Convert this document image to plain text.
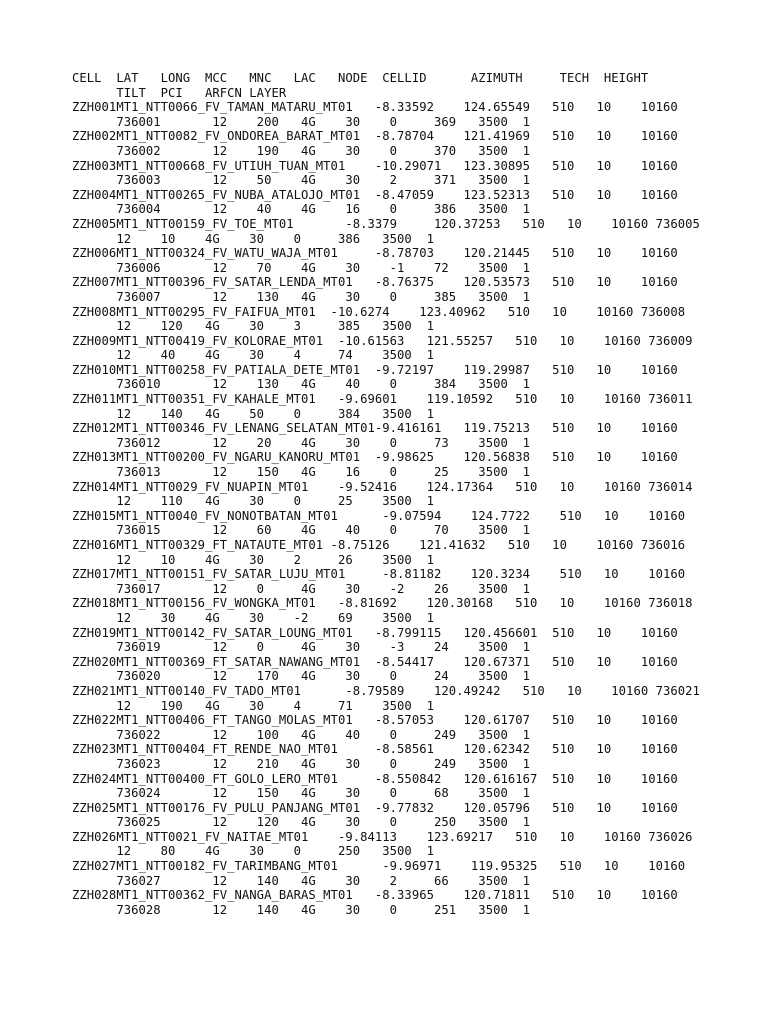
CELL  LAT   LONG  MCC   MNC   LAC   NODE  CELLID      AZIMUTH     TECH  HEIGHT
TILT  PCI   ARFCN LAYER
ZZH001MT1_NTT0066_FV_TAMAN_MATARU_MT01   -8.33592    124.65549   510   10    10160
736001       12    200   4G    30    0     369   3500  1
ZZH002MT1_NTT0082_FV_ONDOREA_BARAT_MT01  -8.78704    121.41969   510   10    10160
736002       12    190   4G    30    0     370   3500  1
ZZH003MT1_NTT00668_FV_UTIUH_TUAN_MT01    -10.29071   123.30895   510   10    10160
736003       12    50    4G    30    2     371   3500  1
ZZH004MT1_NTT00265_FV_NUBA_ATALOJO_MT01  -8.47059    123.52313   510   10    10160
736004       12    40    4G    16    0     386   3500  1
ZZH005MT1_NTT00159_FV_TOE_MT01       -8.3379     120.37253   510   10    10160 736005
12    10    4G    30    0     386   3500  1
ZZH006MT1_NTT00324_FV_WATU_WAJA_MT01     -8.78703    120.21445   510   10    10160
736006       12    70    4G    30    -1    72    3500  1
ZZH007MT1_NTT00396_FV_SATAR_LENDA_MT01   -8.76375    120.53573   510   10    10160
736007       12    130   4G    30    0     385   3500  1
ZZH008MT1_NTT00295_FV_FAIFUA_MT01  -10.6274    123.40962   510   10    10160 736008
12    120   4G    30    3     385   3500  1
ZZH009MT1_NTT00419_FV_KOLORAE_MT01  -10.61563   121.55257   510   10    10160 736009
12    40    4G    30    4     74    3500  1
ZZH010MT1_NTT00258_FV_PATIALA_DETE_MT01  -9.72197    119.29987   510   10    10160
736010       12    130   4G    40    0     384   3500  1
ZZH011MT1_NTT00351_FV_KAHALE_MT01   -9.69601    119.10592   510   10    10160 736011
12    140   4G    50    0     384   3500  1
ZZH012MT1_NTT00346_FV_LENANG_SELATAN_MT01-9.416161   119.75213   510   10    10160
736012       12    20    4G    30    0     73    3500  1
ZZH013MT1_NTT00200_FV_NGARU_KANORU_MT01  -9.98625    120.56838   510   10    10160
736013       12    150   4G    16    0     25    3500  1
ZZH014MT1_NTT0029_FV_NUAPIN_MT01    -9.52416    124.17364   510   10    10160 736014
12    110   4G    30    0     25    3500  1
ZZH015MT1_NTT0040_FV_NONOTBATAN_MT01      -9.07594    124.7722    510   10    10160
736015       12    60    4G    40    0     70    3500  1
ZZH016MT1_NTT00329_FT_NATAUTE_MT01 -8.75126    121.41632   510   10    10160 736016
12    10    4G    30    2     26    3500  1
ZZH017MT1_NTT00151_FV_SATAR_LUJU_MT01     -8.81182    120.3234    510   10    10160
736017       12    0     4G    30    -2    26    3500  1
ZZH018MT1_NTT00156_FV_WONGKA_MT01   -8.81692    120.30168   510   10    10160 736018
12    30    4G    30    -2    69    3500  1
ZZH019MT1_NTT00142_FV_SATAR_LOUNG_MT01   -8.799115   120.456601  510   10    10160
736019       12    0     4G    30    -3    24    3500  1
ZZH020MT1_NTT00369_FT_SATAR_NAWANG_MT01  -8.54417    120.67371   510   10    10160
736020       12    170   4G    30    0     24    3500  1
ZZH021MT1_NTT00140_FV_TADO_MT01      -8.79589    120.49242   510   10    10160 736021
12    190   4G    30    4     71    3500  1
ZZH022MT1_NTT00406_FT_TANGO_MOLAS_MT01   -8.57053    120.61707   510   10    10160
736022       12    100   4G    40    0     249   3500  1
ZZH023MT1_NTT00404_FT_RENDE_NAO_MT01     -8.58561    120.62342   510   10    10160
736023       12    210   4G    30    0     249   3500  1
ZZH024MT1_NTT00400_FT_GOLO_LERO_MT01     -8.550842   120.616167  510   10    10160
736024       12    150   4G    30    0     68    3500  1
ZZH025MT1_NTT00176_FV_PULU_PANJANG_MT01  -9.77832    120.05796   510   10    10160
736025       12    120   4G    30    0     250   3500  1
ZZH026MT1_NTT0021_FV_NAITAE_MT01    -9.84113    123.69217   510   10    10160 736026
12    80    4G    30    0     250   3500  1
ZZH027MT1_NTT00182_FV_TARIMBANG_MT01      -9.96971    119.95325   510   10    10160
736027       12    140   4G    30    2     66    3500  1
ZZH028MT1_NTT00362_FV_NANGA_BARAS_MT01   -8.33965    120.71811   510   10    10160
736028       12    140   4G    30    0     251   3500  1
